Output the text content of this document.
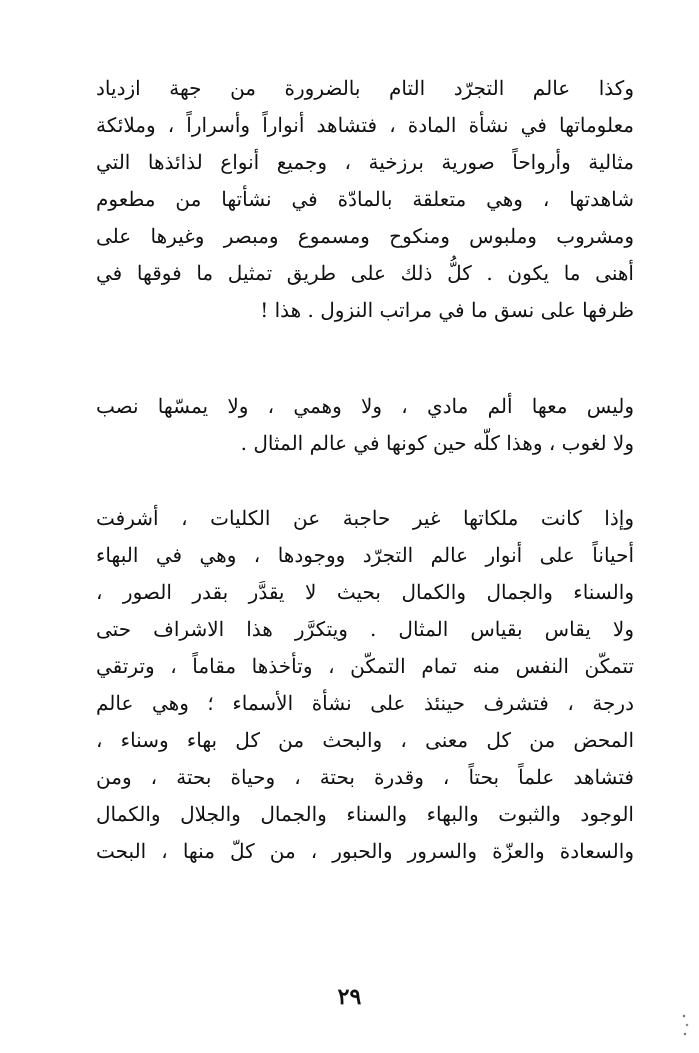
وكذا عالم التجرّد التام بالضرورة من جهة ازدياد
معلوماتها في نشأة المادة ، فتشاهد أنواراً وأسراراً ، وملائكة
مثالية وأرواحاً صورية برزخية ، وجميع أنواع لذائذها التي
شاهدتها ، وهي متعلقة بالمادّة في نشأتها من مطعوم
ومشروب وملبوس ومنكوح ومسموع ومبصر وغيرها على
أهنى ما يكون . كلُّ ذلك على طريق تمثيل ما فوقها في
ظرفها على نسق ما في مراتب النزول . هذا !
وليس معها ألم مادي ، ولا وهمي ، ولا يمسّها نصب
ولا لغوب ، وهذا كلّه حين كونها في عالم المثال .
وإذا كانت ملكاتها غير حاجبة عن الكليات ، أشرفت
أحياناً على أنوار عالم التجرّد ووجودها ، وهي في البهاء
والسناء والجمال والكمال بحيث لا يقدَّر بقدر الصور ،
ولا يقاس بقياس المثال . ويتكرَّر هذا الاشراف حتى
تتمكّن النفس منه تمام التمكّن ، وتأخذها مقاماً ، وترتقي
درجة ، فتشرف حينئذ على نشأة الأسماء ؛ وهي عالم
المحض من كل معنى ، والبحث من كل بهاء وسناء ،
فتشاهد علماً بحتاً ، وقدرة بحتة ، وحياة بحتة ، ومن
الوجود والثبوت والبهاء والسناء والجمال والجلال والكمال
والسعادة والعزّة والسرور والحبور ، من كلّ منها ، البحت
٢٩
